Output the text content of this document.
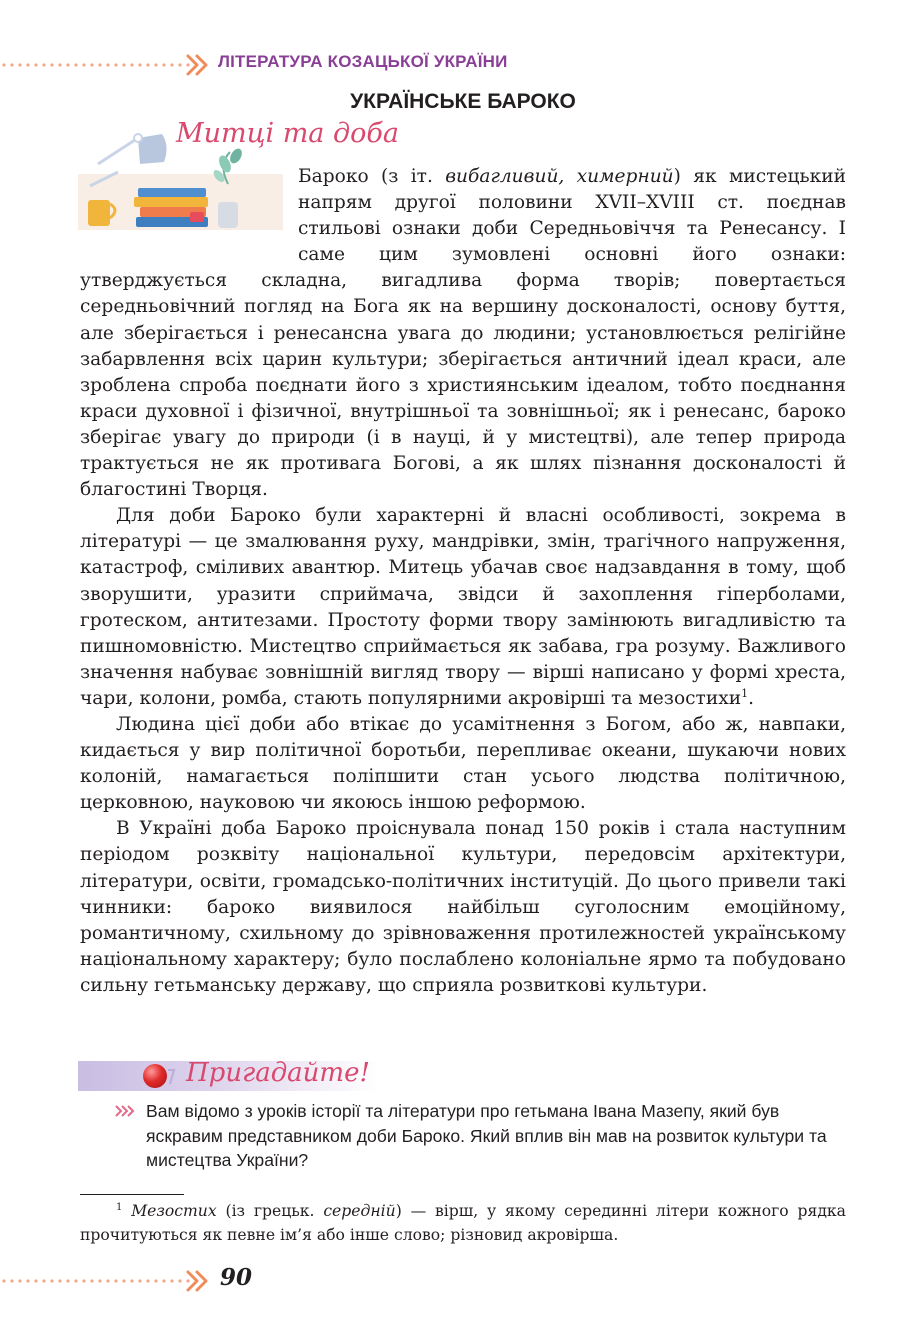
ЛІТЕРАТУРА КОЗАЦЬКОЇ УКРАЇНИ
УКРАЇНСЬКЕ БАРОКО
Митці та доба

Бароко (з іт. вибагливий, химерний) як мистецький напрям другої половини XVII–XVIII ст. поєднав стильові ознаки доби Середньовіччя та Ренесансу. І саме цим зумовлені основні його ознаки: утверджується складна, вигадлива форма творів; повертається середньовічний погляд на Бога як на вершину досконалості, основу буття, але зберігається і ренесансна увага до людини; установлюється релігійне забарвлення всіх царин культури; зберігається античний ідеал краси, але зроблена спроба поєднати його з християнським ідеалом, тобто поєднання краси духовної і фізичної, внутрішньої та зовнішньої; як і ренесанс, бароко зберігає увагу до природи (і в науці, й у мистецтві), але тепер природа трактується не як противага Богові, а як шлях пізнання досконалості й благостині Творця.

Для доби Бароко були характерні й власні особливості, зокрема в літературі — це змалювання руху, мандрівки, змін, трагічного напруження, катастроф, сміливих авантюр. Митець убачав своє надзавдання в тому, щоб зворушити, уразити сприймача, звідси й захоплення гіперболами, гротеском, антитезами. Простоту форми твору замінюють вигадливістю та пишномовністю. Мистецтво сприймається як забава, гра розуму. Важливого значення набуває зовнішній вигляд твору — вірші написано у формі хреста, чари, колони, ромба, стають популярними акровірші та мезостихи$^1$.

Людина цієї доби або втікає до усамітнення з Богом, або ж, навпаки, кидається у вир політичної боротьби, перепливає океани, шукаючи нових колоній, намагається поліпшити стан усього людства політичною, церковною, науковою чи якоюсь іншою реформою.

В Україні доба Бароко проіснувала понад 150 років і стала наступним періодом розквіту національної культури, передовсім архітектури, літератури, освіти, громадсько-політичних інституцій. До цього привели такі чинники: бароко виявилося найбільш суголосним емоційному, романтичному, схильному до зрівноваження протилежностей українському національному характеру; було послаблено колоніальне ярмо та побудовано сильну гетьманську державу, що сприяла розвиткові культури.

Пригадайте!
Вам відомо з уроків історії та літератури про гетьмана Івана Мазепу, який був яскравим представником доби Бароко. Який вплив він мав на розвиток культури та мистецтва України?
$^1$ Мезостих (із грецьк. середній) — вірш, у якому серединні літери кожного рядка прочитуються як певне ім’я або інше слово; різновид акровірша.
90
